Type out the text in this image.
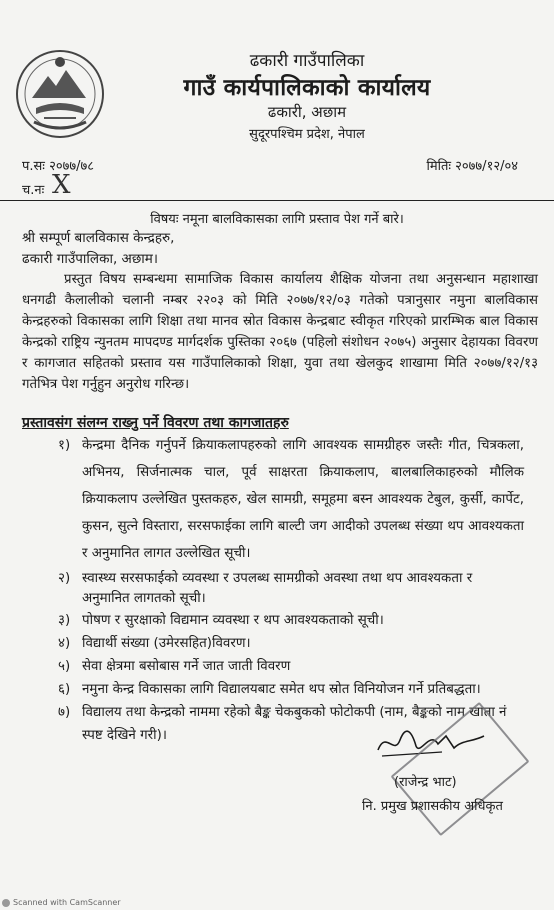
ढकारी गाउँपालिका
गाउँ कार्यपालिकाको कार्यालय
ढकारी, अछाम
सुदूरपश्चिम प्रदेश, नेपाल
प.सः २०७७/७८	मितिः २०७७/१२/०४
च.नः X
विषयः नमूना बालविकासका लागि प्रस्ताव पेश गर्ने बारे।
श्री सम्पूर्ण बालविकास केन्द्रहरु,
ढकारी गाउँपालिका, अछाम।
प्रस्तुत विषय सम्बन्धमा सामाजिक विकास कार्यालय शैक्षिक योजना तथा अनुसन्धान महाशाखा धनगढी कैलालीको चलानी नम्बर २२०३ को मिति २०७७/१२/०३ गतेको पत्रानुसार नमुना बालविकास केन्द्रहरुको विकासका लागि शिक्षा तथा मानव स्रोत विकास केन्द्रबाट स्वीकृत गरिएको प्रारम्भिक बाल विकास केन्द्रको राष्ट्रिय न्युनतम मापदण्ड मार्गदर्शक पुस्तिका २०६७ (पहिलो संशोधन २०७५) अनुसार देहायका विवरण र कागजात सहितको प्रस्ताव यस गाउँपालिकाको शिक्षा, युवा तथा खेलकुद शाखामा मिति २०७७/१२/१३ गतेभित्र पेश गर्नुहुन अनुरोध गरिन्छ।

प्रस्तावसंग संलग्न राख्नु पर्ने विवरण तथा कागजातहरु
१) केन्द्रमा दैनिक गर्नुपर्ने क्रियाकलापहरुको लागि आवश्यक सामग्रीहरु जस्तैः गीत, चित्रकला, अभिनय, सिर्जनात्मक चाल, पूर्व साक्षरता क्रियाकलाप, बालबालिकाहरुको मौलिक क्रियाकलाप उल्लेखित पुस्तकहरु, खेल सामग्री, समूहमा बस्न आवश्यक टेबुल, कुर्सी, कार्पेट, कुसन, सुत्ने विस्तारा, सरसफाईका लागि बाल्टी जग आदीको उपलब्ध संख्या थप आवश्यकता र अनुमानित लागत उल्लेखित सूची।
२) स्वास्थ्य सरसफाईको व्यवस्था र उपलब्ध सामग्रीको अवस्था तथा थप आवश्यकता र अनुमानित लागतको सूची।
३) पोषण र सुरक्षाको विद्यमान व्यवस्था र थप आवश्यकताको सूची।
४) विद्यार्थी संख्या (उमेरसहित)विवरण।
५) सेवा क्षेत्रमा बसोबास गर्ने जात जाती विवरण
६) नमुना केन्द्र विकासका लागि विद्यालयबाट समेत थप स्रोत विनियोजन गर्ने प्रतिबद्धता।
७) विद्यालय तथा केन्द्रको नाममा रहेको बैङ्क चेकबुकको फोटोकपी (नाम, बैङ्कको नाम खाता नं स्पष्ट देखिने गरी)।
(राजेन्द्र भाट)
नि. प्रमुख प्रशासकीय अधिकृत
Scanned with CamScanner
